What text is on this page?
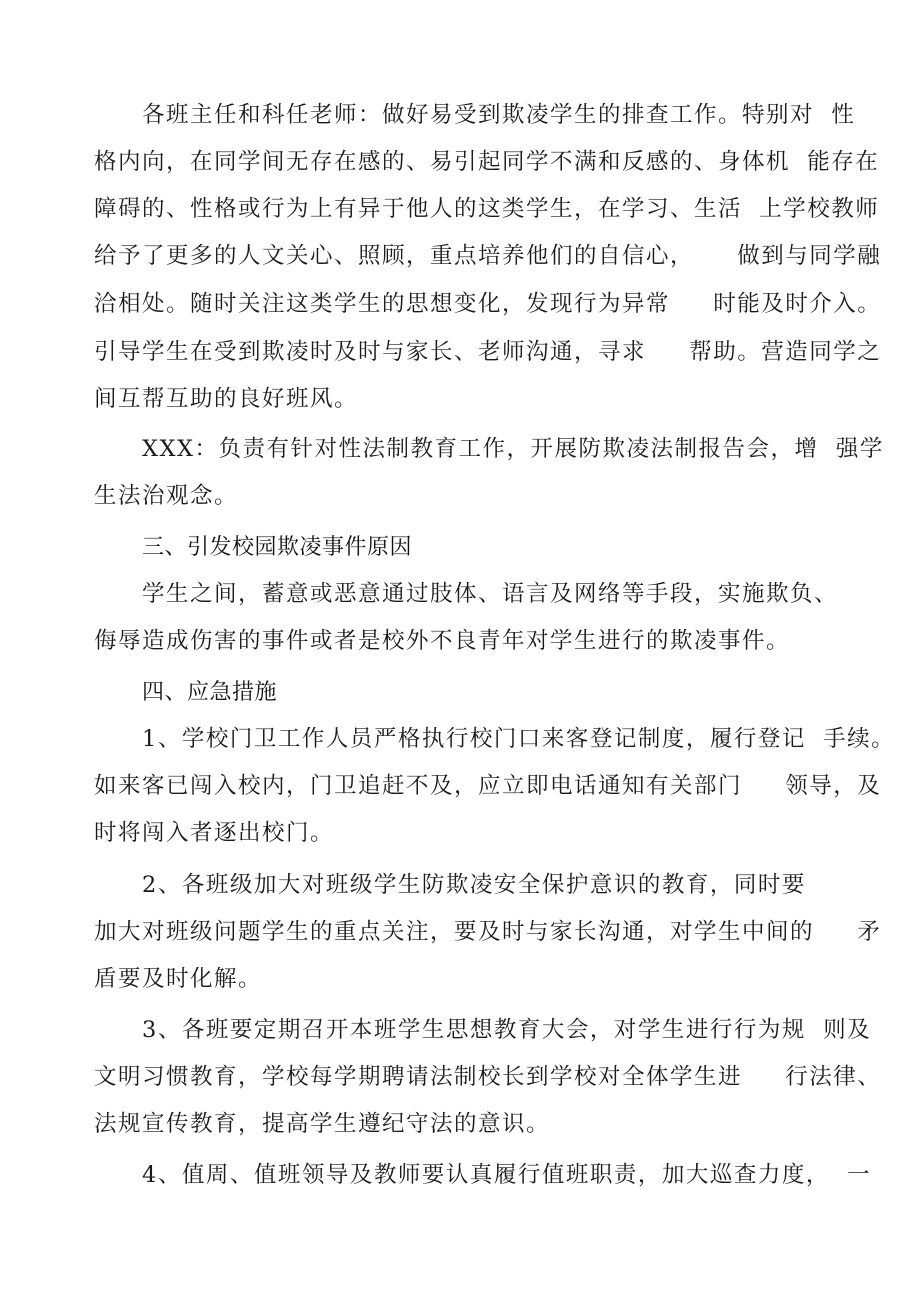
各班主任和科任老师：做好易受到欺凌学生的排查工作。特别对  性
格内向，在同学间无存在感的、易引起同学不满和反感的、身体机  能存在
障碍的、性格或行为上有异于他人的这类学生，在学习、生活  上学校教师
给予了更多的人文关心、照顾，重点培养他们的自信心，     做到与同学融
洽相处。随时关注这类学生的思想变化，发现行为异常     时能及时介入。
引导学生在受到欺凌时及时与家长、老师沟通，寻求     帮助。营造同学之
间互帮互助的良好班风。
XXX：负责有针对性法制教育工作，开展防欺凌法制报告会，增  强学
生法治观念。
三、引发校园欺凌事件原因
学生之间，蓄意或恶意通过肢体、语言及网络等手段，实施欺负、
侮辱造成伤害的事件或者是校外不良青年对学生进行的欺凌事件。
四、应急措施
1、学校门卫工作人员严格执行校门口来客登记制度，履行登记  手续。
如来客已闯入校内，门卫追赶不及，应立即电话通知有关部门     领导，及
时将闯入者逐出校门。
2、各班级加大对班级学生防欺凌安全保护意识的教育，同时要
加大对班级问题学生的重点关注，要及时与家长沟通，对学生中间的     矛
盾要及时化解。
3、各班要定期召开本班学生思想教育大会，对学生进行行为规  则及
文明习惯教育，学校每学期聘请法制校长到学校对全体学生进     行法律、
法规宣传教育，提高学生遵纪守法的意识。
4、值周、值班领导及教师要认真履行值班职责，加大巡查力度，  一
